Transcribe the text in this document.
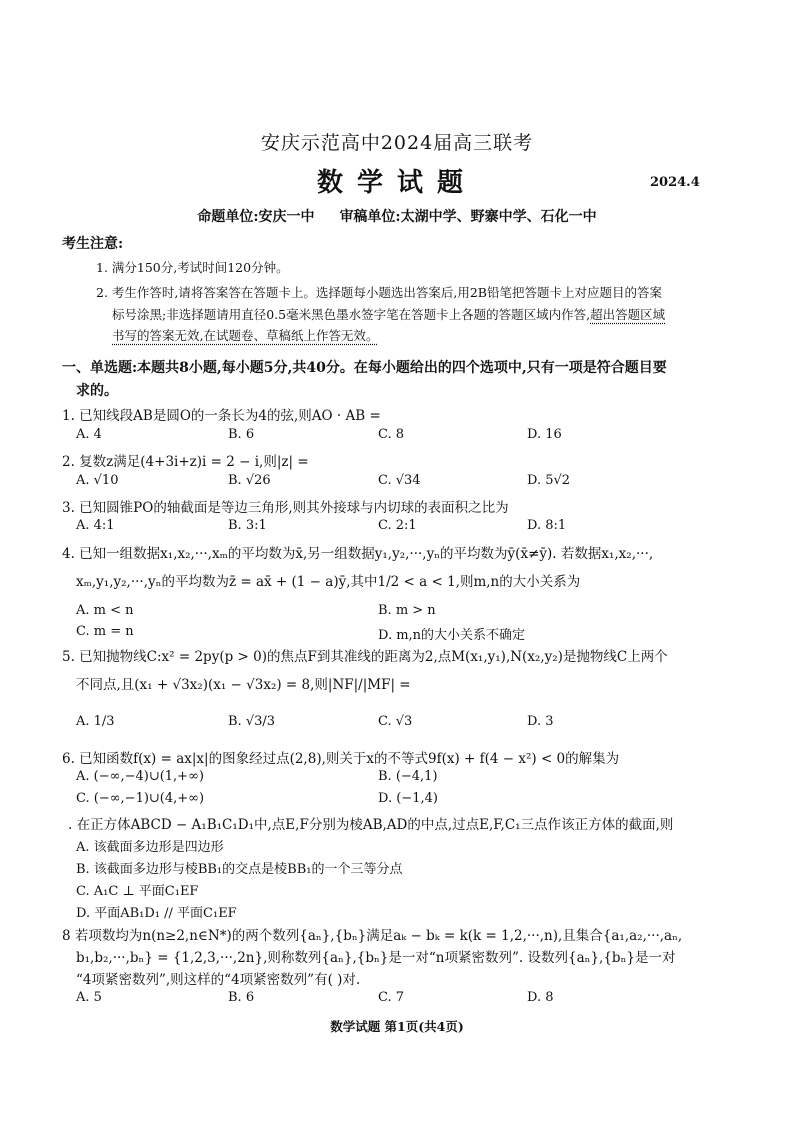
安庆示范高中2024届高三联考
数学试题	2024.4
命题单位:安庆一中 审稿单位:太湖中学、野寨中学、石化一中
考生注意:
1. 满分150分,考试时间120分钟。
2. 考生作答时,请将答案答在答题卡上。选择题每小题选出答案后,用2B铅笔把答题卡上对应题目的答案
标号涂黑;非选择题请用直径0.5毫米黑色墨水签字笔在答题卡上各题的答题区域内作答,超出答题区域
书写的答案无效,在试题卷、草稿纸上作答无效。
一、单选题:本题共8小题,每小题5分,共40分。在每小题给出的四个选项中,只有一项是符合题目要
求的。
1. 已知线段AB是圆O的一条长为4的弦,则AO · AB =
A. 4	B. 6	C. 8	D. 16
2. 复数z满足(4+3i+z)i = 2 − i,则|z| =
A. √10	B. √26	C. √34	D. 5√2
3. 已知圆锥PO的轴截面是等边三角形,则其外接球与内切球的表面积之比为
A. 4:1	B. 3:1	C. 2:1	D. 8:1
4. 已知一组数据x₁,x₂,···,xₘ的平均数为x̄,另一组数据y₁,y₂,···,yₙ的平均数为ȳ(x̄≠ȳ). 若数据x₁,x₂,···,
xₘ,y₁,y₂,···,yₙ的平均数为z̄ = ax̄ + (1 − a)ȳ,其中1/2 < a < 1,则m,n的大小关系为
A. m < n	B. m > n
C. m = n	D. m,n的大小关系不确定
5. 已知抛物线C:x² = 2py(p > 0)的焦点F到其准线的距离为2,点M(x₁,y₁),N(x₂,y₂)是抛物线C上两个
不同点,且(x₁ + √3x₂)(x₁ − √3x₂) = 8,则|NF|/|MF| =
A. 1/3	B. √3/3	C. √3	D. 3
6. 已知函数f(x) = ax|x|的图象经过点(2,8),则关于x的不等式9f(x) + f(4 − x²) < 0的解集为
A. (−∞,−4)∪(1,+∞)	B. (−4,1)
C. (−∞,−1)∪(4,+∞)	D. (−1,4)
. 在正方体ABCD − A₁B₁C₁D₁中,点E,F分别为棱AB,AD的中点,过点E,F,C₁三点作该正方体的截面,则
A. 该截面多边形是四边形
B. 该截面多边形与棱BB₁的交点是棱BB₁的一个三等分点
C. A₁C ⊥ 平面C₁EF
D. 平面AB₁D₁ // 平面C₁EF
8 若项数均为n(n≥2,n∈N*)的两个数列{aₙ},{bₙ}满足aₖ − bₖ = k(k = 1,2,···,n),且集合{a₁,a₂,···,aₙ,
b₁,b₂,···,bₙ} = {1,2,3,···,2n},则称数列{aₙ},{bₙ}是一对“n项紧密数列”. 设数列{aₙ},{bₙ}是一对
“4项紧密数列”,则这样的“4项紧密数列”有( )对.
A. 5	B. 6	C. 7	D. 8
数学试题 第1页(共4页)
